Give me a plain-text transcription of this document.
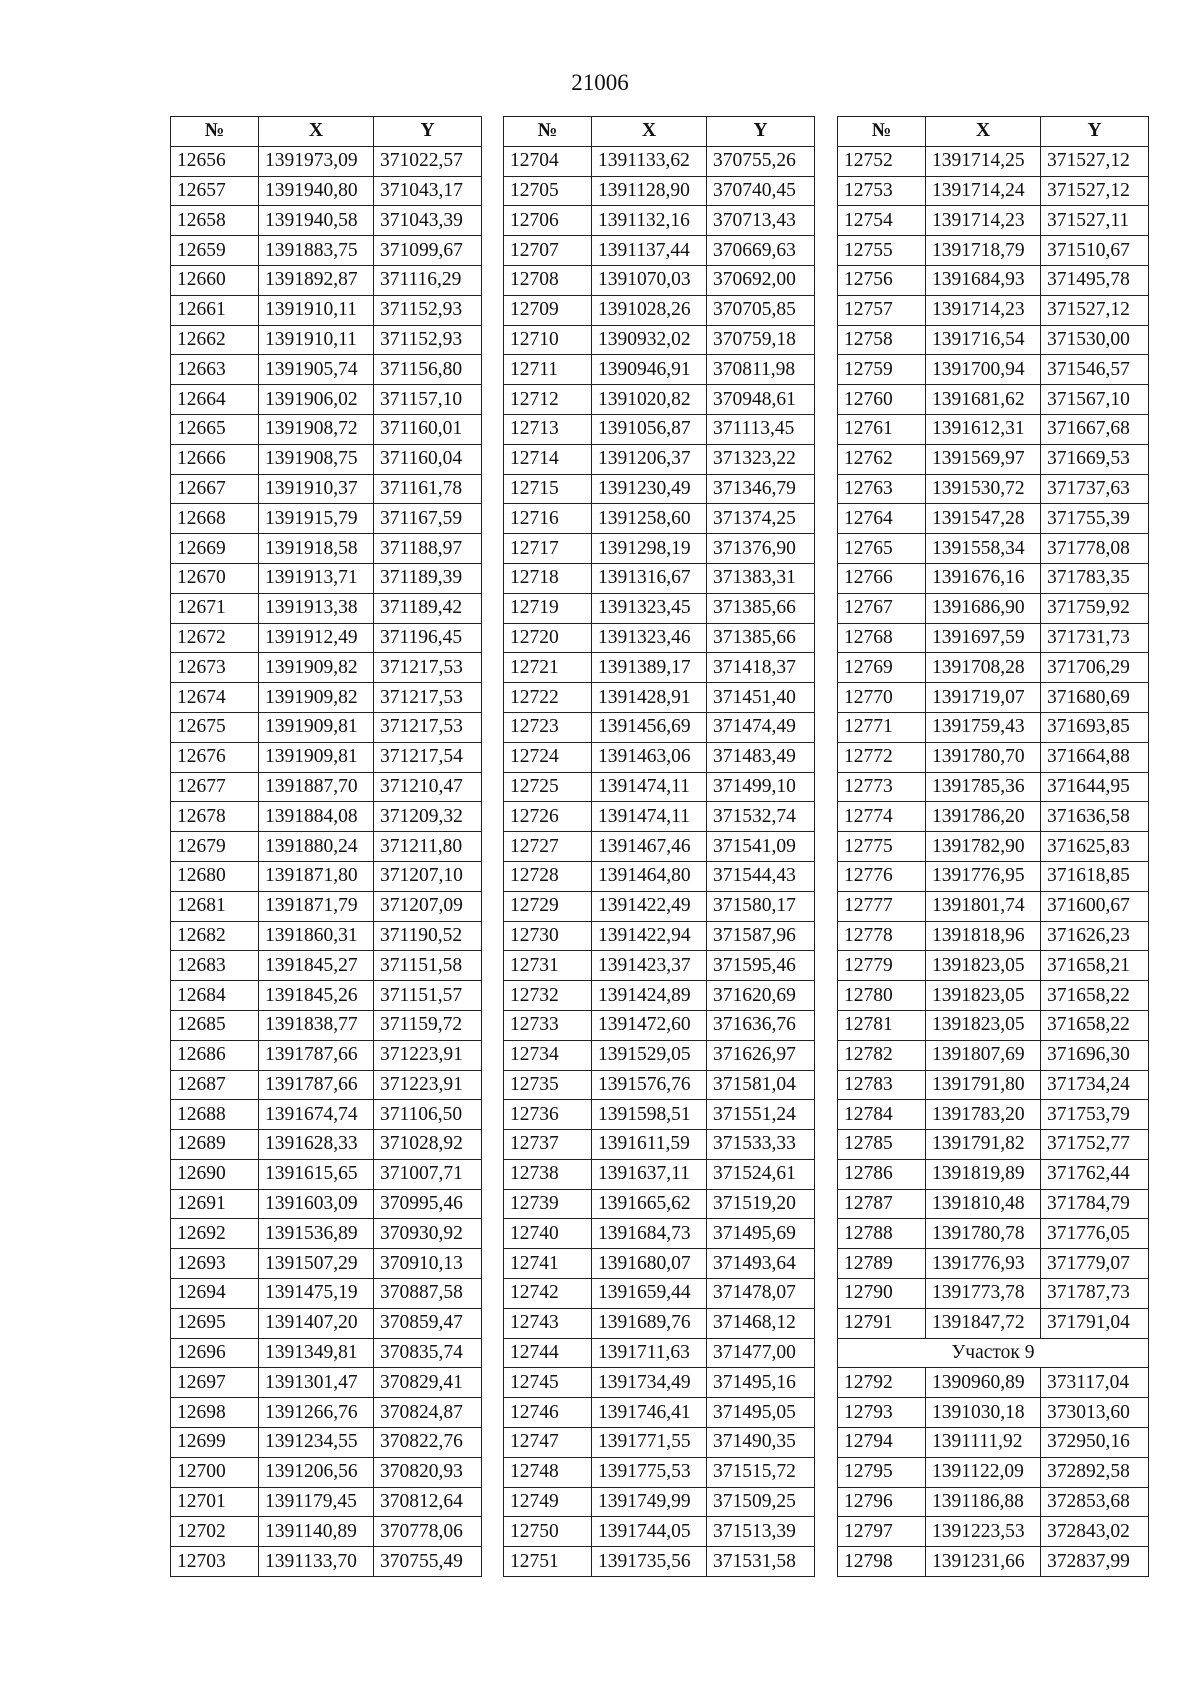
21006
№	X	Y
12656	1391973,09	371022,57
12657	1391940,80	371043,17
12658	1391940,58	371043,39
12659	1391883,75	371099,67
12660	1391892,87	371116,29
12661	1391910,11	371152,93
12662	1391910,11	371152,93
12663	1391905,74	371156,80
12664	1391906,02	371157,10
12665	1391908,72	371160,01
12666	1391908,75	371160,04
12667	1391910,37	371161,78
12668	1391915,79	371167,59
12669	1391918,58	371188,97
12670	1391913,71	371189,39
12671	1391913,38	371189,42
12672	1391912,49	371196,45
12673	1391909,82	371217,53
12674	1391909,82	371217,53
12675	1391909,81	371217,53
12676	1391909,81	371217,54
12677	1391887,70	371210,47
12678	1391884,08	371209,32
12679	1391880,24	371211,80
12680	1391871,80	371207,10
12681	1391871,79	371207,09
12682	1391860,31	371190,52
12683	1391845,27	371151,58
12684	1391845,26	371151,57
12685	1391838,77	371159,72
12686	1391787,66	371223,91
12687	1391787,66	371223,91
12688	1391674,74	371106,50
12689	1391628,33	371028,92
12690	1391615,65	371007,71
12691	1391603,09	370995,46
12692	1391536,89	370930,92
12693	1391507,29	370910,13
12694	1391475,19	370887,58
12695	1391407,20	370859,47
12696	1391349,81	370835,74
12697	1391301,47	370829,41
12698	1391266,76	370824,87
12699	1391234,55	370822,76
12700	1391206,56	370820,93
12701	1391179,45	370812,64
12702	1391140,89	370778,06
12703	1391133,70	370755,49
№	X	Y
12704	1391133,62	370755,26
12705	1391128,90	370740,45
12706	1391132,16	370713,43
12707	1391137,44	370669,63
12708	1391070,03	370692,00
12709	1391028,26	370705,85
12710	1390932,02	370759,18
12711	1390946,91	370811,98
12712	1391020,82	370948,61
12713	1391056,87	371113,45
12714	1391206,37	371323,22
12715	1391230,49	371346,79
12716	1391258,60	371374,25
12717	1391298,19	371376,90
12718	1391316,67	371383,31
12719	1391323,45	371385,66
12720	1391323,46	371385,66
12721	1391389,17	371418,37
12722	1391428,91	371451,40
12723	1391456,69	371474,49
12724	1391463,06	371483,49
12725	1391474,11	371499,10
12726	1391474,11	371532,74
12727	1391467,46	371541,09
12728	1391464,80	371544,43
12729	1391422,49	371580,17
12730	1391422,94	371587,96
12731	1391423,37	371595,46
12732	1391424,89	371620,69
12733	1391472,60	371636,76
12734	1391529,05	371626,97
12735	1391576,76	371581,04
12736	1391598,51	371551,24
12737	1391611,59	371533,33
12738	1391637,11	371524,61
12739	1391665,62	371519,20
12740	1391684,73	371495,69
12741	1391680,07	371493,64
12742	1391659,44	371478,07
12743	1391689,76	371468,12
12744	1391711,63	371477,00
12745	1391734,49	371495,16
12746	1391746,41	371495,05
12747	1391771,55	371490,35
12748	1391775,53	371515,72
12749	1391749,99	371509,25
12750	1391744,05	371513,39
12751	1391735,56	371531,58
№	X	Y
12752	1391714,25	371527,12
12753	1391714,24	371527,12
12754	1391714,23	371527,11
12755	1391718,79	371510,67
12756	1391684,93	371495,78
12757	1391714,23	371527,12
12758	1391716,54	371530,00
12759	1391700,94	371546,57
12760	1391681,62	371567,10
12761	1391612,31	371667,68
12762	1391569,97	371669,53
12763	1391530,72	371737,63
12764	1391547,28	371755,39
12765	1391558,34	371778,08
12766	1391676,16	371783,35
12767	1391686,90	371759,92
12768	1391697,59	371731,73
12769	1391708,28	371706,29
12770	1391719,07	371680,69
12771	1391759,43	371693,85
12772	1391780,70	371664,88
12773	1391785,36	371644,95
12774	1391786,20	371636,58
12775	1391782,90	371625,83
12776	1391776,95	371618,85
12777	1391801,74	371600,67
12778	1391818,96	371626,23
12779	1391823,05	371658,21
12780	1391823,05	371658,22
12781	1391823,05	371658,22
12782	1391807,69	371696,30
12783	1391791,80	371734,24
12784	1391783,20	371753,79
12785	1391791,82	371752,77
12786	1391819,89	371762,44
12787	1391810,48	371784,79
12788	1391780,78	371776,05
12789	1391776,93	371779,07
12790	1391773,78	371787,73
12791	1391847,72	371791,04
Участок 9		
12792	1390960,89	373117,04
12793	1391030,18	373013,60
12794	1391111,92	372950,16
12795	1391122,09	372892,58
12796	1391186,88	372853,68
12797	1391223,53	372843,02
12798	1391231,66	372837,99
